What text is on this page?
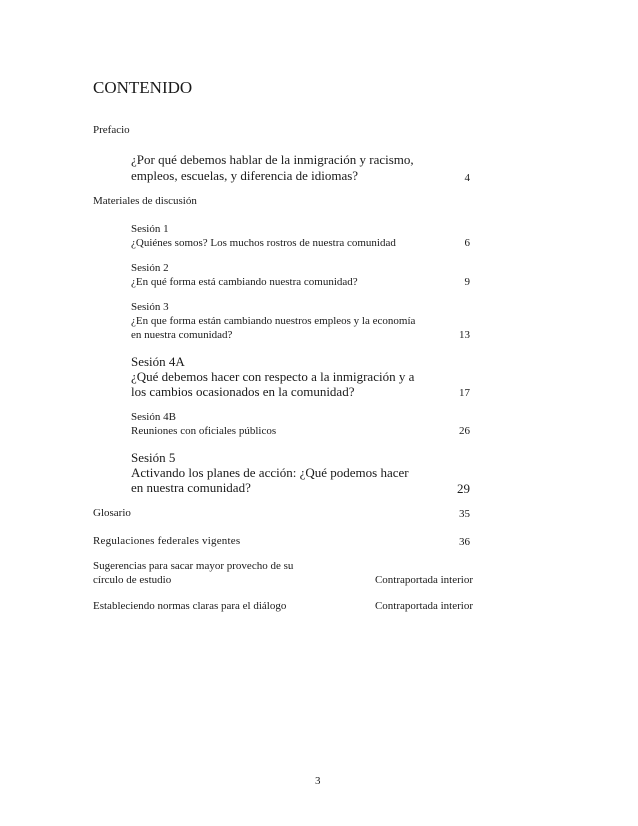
CONTENIDO
Prefacio
¿Por qué debemos hablar de la inmigración y racismo,
empleos, escuelas, y diferencia de idiomas?	4
Materiales de discusión
Sesión 1
¿Quiénes somos? Los muchos rostros de nuestra comunidad	6
Sesión 2
¿En qué forma está cambiando nuestra comunidad?	9
Sesión 3
¿En que forma están cambiando nuestros empleos y la economía
en nuestra comunidad?	13
Sesión 4A
¿Qué debemos hacer con respecto a la inmigración y a
los cambios ocasionados en la comunidad?	17
Sesión 4B
Reuniones con oficiales públicos	26
Sesión 5
Activando los planes de acción: ¿Qué podemos hacer
en nuestra comunidad?	29
Glosario	35
Regulaciones federales vigentes	36
Sugerencias para sacar mayor provecho de su
círculo de estudio	Contraportada interior
Estableciendo normas claras para el diálogo	Contraportada interior
3
